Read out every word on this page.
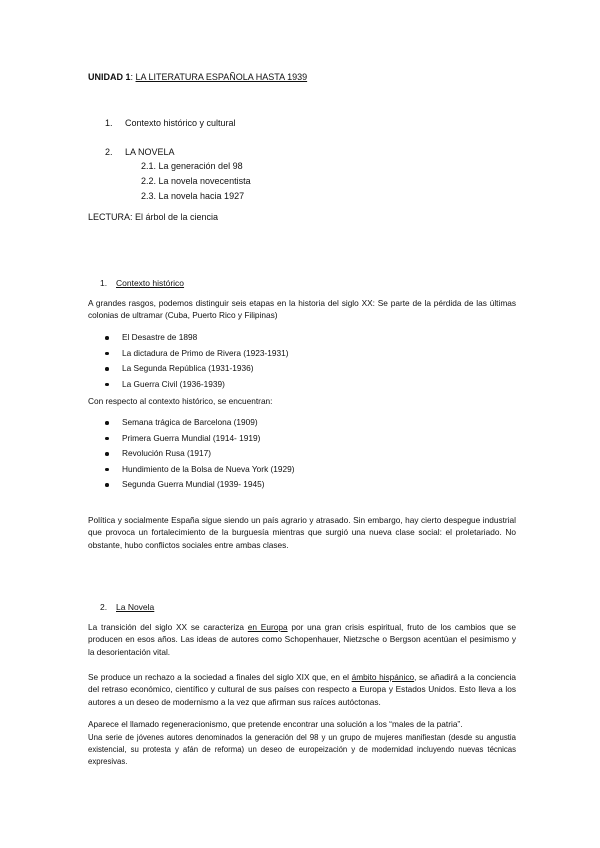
UNIDAD 1: LA LITERATURA ESPAÑOLA HASTA 1939
1. Contexto histórico y cultural
2. LA NOVELA
2.1. La generación del 98
2.2. La novela novecentista
2.3. La novela hacia 1927
LECTURA: El árbol de la ciencia
1. Contexto histórico
A grandes rasgos, podemos distinguir seis etapas en la historia del siglo XX: Se parte de la pérdida de las últimas colonias de ultramar (Cuba, Puerto Rico y Filipinas)
El Desastre de 1898
La dictadura de Primo de Rivera (1923-1931)
La Segunda República (1931-1936)
La Guerra Civil (1936-1939)
Con respecto al contexto histórico, se encuentran:
Semana trágica de Barcelona (1909)
Primera Guerra Mundial (1914- 1919)
Revolución Rusa (1917)
Hundimiento de la Bolsa de Nueva York (1929)
Segunda Guerra Mundial (1939- 1945)
Política y socialmente España sigue siendo un país agrario y atrasado. Sin embargo, hay cierto despegue industrial que provoca un fortalecimiento de la burguesía mientras que surgió una nueva clase social: el proletariado. No obstante, hubo conflictos sociales entre ambas clases.
2. La Novela
La transición del siglo XX se caracteriza en Europa por una gran crisis espiritual, fruto de los cambios que se producen en esos años. Las ideas de autores como Schopenhauer, Nietzsche o Bergson acentúan el pesimismo y la desorientación vital.
Se produce un rechazo a la sociedad a finales del siglo XIX que, en el ámbito hispánico, se añadirá a la conciencia del retraso económico, científico y cultural de sus países con respecto a Europa y Estados Unidos. Esto lleva a los autores a un deseo de modernismo a la vez que afirman sus raíces autóctonas.
Aparece el llamado regeneracionismo, que pretende encontrar una solución a los “males de la patria”.
Una serie de jóvenes autores denominados la generación del 98 y un grupo de mujeres manifiestan (desde su angustia existencial, su protesta y afán de reforma) un deseo de europeización y de modernidad incluyendo nuevas técnicas expresivas.
